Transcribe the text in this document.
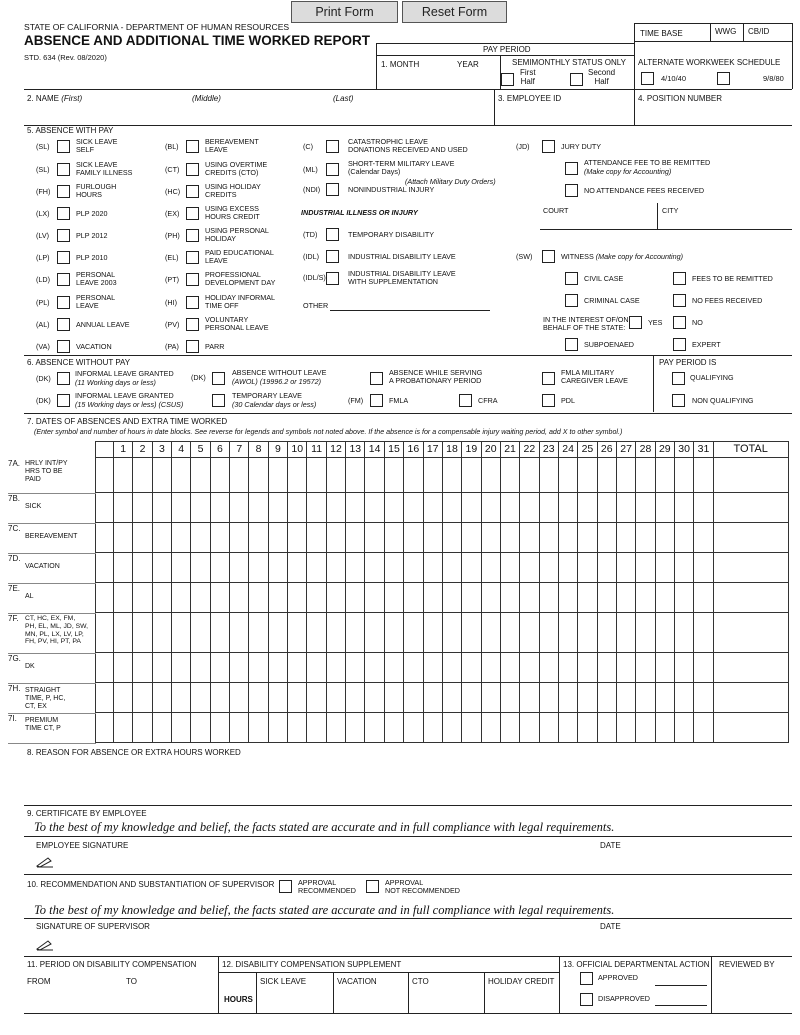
Print Form	Reset Form
STATE OF CALIFORNIA - DEPARTMENT OF HUMAN RESOURCES
ABSENCE AND ADDITIONAL TIME WORKED REPORT
STD. 634 (Rev. 08/2020)
TIME BASE	WWG CB/ID
PAY PERIOD
1. MONTH	YEAR	SEMIMONTHLY STATUS ONLY
First
Half
Second
Half
ALTERNATE WORKWEEK SCHEDULE
4/10/40	9/8/80
2. NAME (First)	(Middle)	(Last)	3. EMPLOYEE ID	4. POSITION NUMBER
5. ABSENCE WITH PAY
(SL)
SICK LEAVE
SELF
(SL)
SICK LEAVE
FAMILY ILLNESS
(FH)
FURLOUGH
HOURS
(LX)	PLP 2020
(LV)	PLP 2012
(LP)	PLP 2010
(LD)
PERSONAL
LEAVE 2003
(PL)
PERSONAL
LEAVE
(AL)	ANNUAL LEAVE
(VA)	VACATION
(BL)
BEREAVEMENT
LEAVE
(CT)
USING OVERTIME
CREDITS (CTO)
(HC)
USING HOLIDAY
CREDITS
(EX)
USING EXCESS
HOURS CREDIT
(PH)
USING PERSONAL
HOLIDAY
(EL)
PAID EDUCATIONAL
LEAVE
(PT)
PROFESSIONAL
DEVELOPMENT DAY
(HI)
HOLIDAY INFORMAL
TIME OFF
(PV)
VOLUNTARY
PERSONAL LEAVE
(PA)	PARR
(C)
CATASTROPHIC LEAVE
DONATIONS RECEIVED AND USED
(ML)
SHORT-TERM MILITARY LEAVE
(Calendar Days)
(Attach Military Duty Orders)
(NDI)	NONINDUSTRIAL INJURY
INDUSTRIAL ILLNESS OR INJURY
(TD)	TEMPORARY DISABILITY
(IDL)	INDUSTRIAL DISABILITY LEAVE
(IDL/S)	INDUSTRIAL DISABILITY LEAVE
WITH SUPPLEMENTATION
OTHER
(JD)	JURY DUTY
ATTENDANCE FEE TO BE REMITTED
(Make copy for Accounting)
NO ATTENDANCE FEES RECEIVED
COURT	CITY
(SW)	WITNESS (Make copy for Accounting)
CIVIL CASE	FEES TO BE REMITTED
CRIMINAL CASE	NO FEES RECEIVED
IN THE INTEREST OF/ON
BEHALF OF THE STATE:
YES	NO
SUBPOENAED	EXPERT
6. ABSENCE WITHOUT PAY	PAY PERIOD IS
(DK)
INFORMAL LEAVE GRANTED
(11 Working days or less)
(DK)
INFORMAL LEAVE GRANTED
(15 Working days or less) (CSUS)
(DK)
ABSENCE WITHOUT LEAVE
(AWOL) (19996.2 or 19572)
TEMPORARY LEAVE
(30 Calendar days or less)
ABSENCE WHILE SERVING
A PROBATIONARY PERIOD
(FM)	FMLA	CFRA
FMLA MILITARY
CAREGIVER LEAVE
PDL
QUALIFYING
NON QUALIFYING
7. DATES OF ABSENCES AND EXTRA TIME WORKED
(Enter symbol and number of hours in date blocks. See reverse for legends and symbols not noted above. If the absence is for a compensable injury waiting period, add X to other symbol.)
	1	2	3	4	5	6	7	8	9	10	11	12	13	14	15	16	17	18	19	20	21	22	23	24	25	26	27	28	29	30	31	TOTAL

7A. HRLY INT/PY
HRS TO BE
PAID
7B.
SICK
7C.
BEREAVEMENT
7D.
VACATION
7E.
AL
7F. CT, HC, EX, FM,
PH, EL, ML, JD, SW,
MN, PL, LX, LV, LP,
FH, PV, HI, PT, PA
7G.
DK
7H. STRAIGHT
TIME, P, HC,
CT, EX
7I. PREMIUM
TIME CT, P
8. REASON FOR ABSENCE OR EXTRA HOURS WORKED
9. CERTIFICATE BY EMPLOYEE
To the best of my knowledge and belief, the facts stated are accurate and in full compliance with legal requirements.
EMPLOYEE SIGNATURE	DATE
10. RECOMMENDATION AND SUBSTANTIATION OF SUPERVISOR	APPROVAL
RECOMMENDED
APPROVAL
NOT RECOMMENDED
To the best of my knowledge and belief, the facts stated are accurate and in full compliance with legal requirements.
SIGNATURE OF SUPERVISOR	DATE
11. PERIOD ON DISABILITY COMPENSATION
FROM	TO
12. DISABILITY COMPENSATION SUPPLEMENT
HOURS
SICK LEAVE	VACATION	CTO	HOLIDAY CREDIT
13. OFFICIAL DEPARTMENTAL ACTION
APPROVED
DISAPPROVED
REVIEWED BY
